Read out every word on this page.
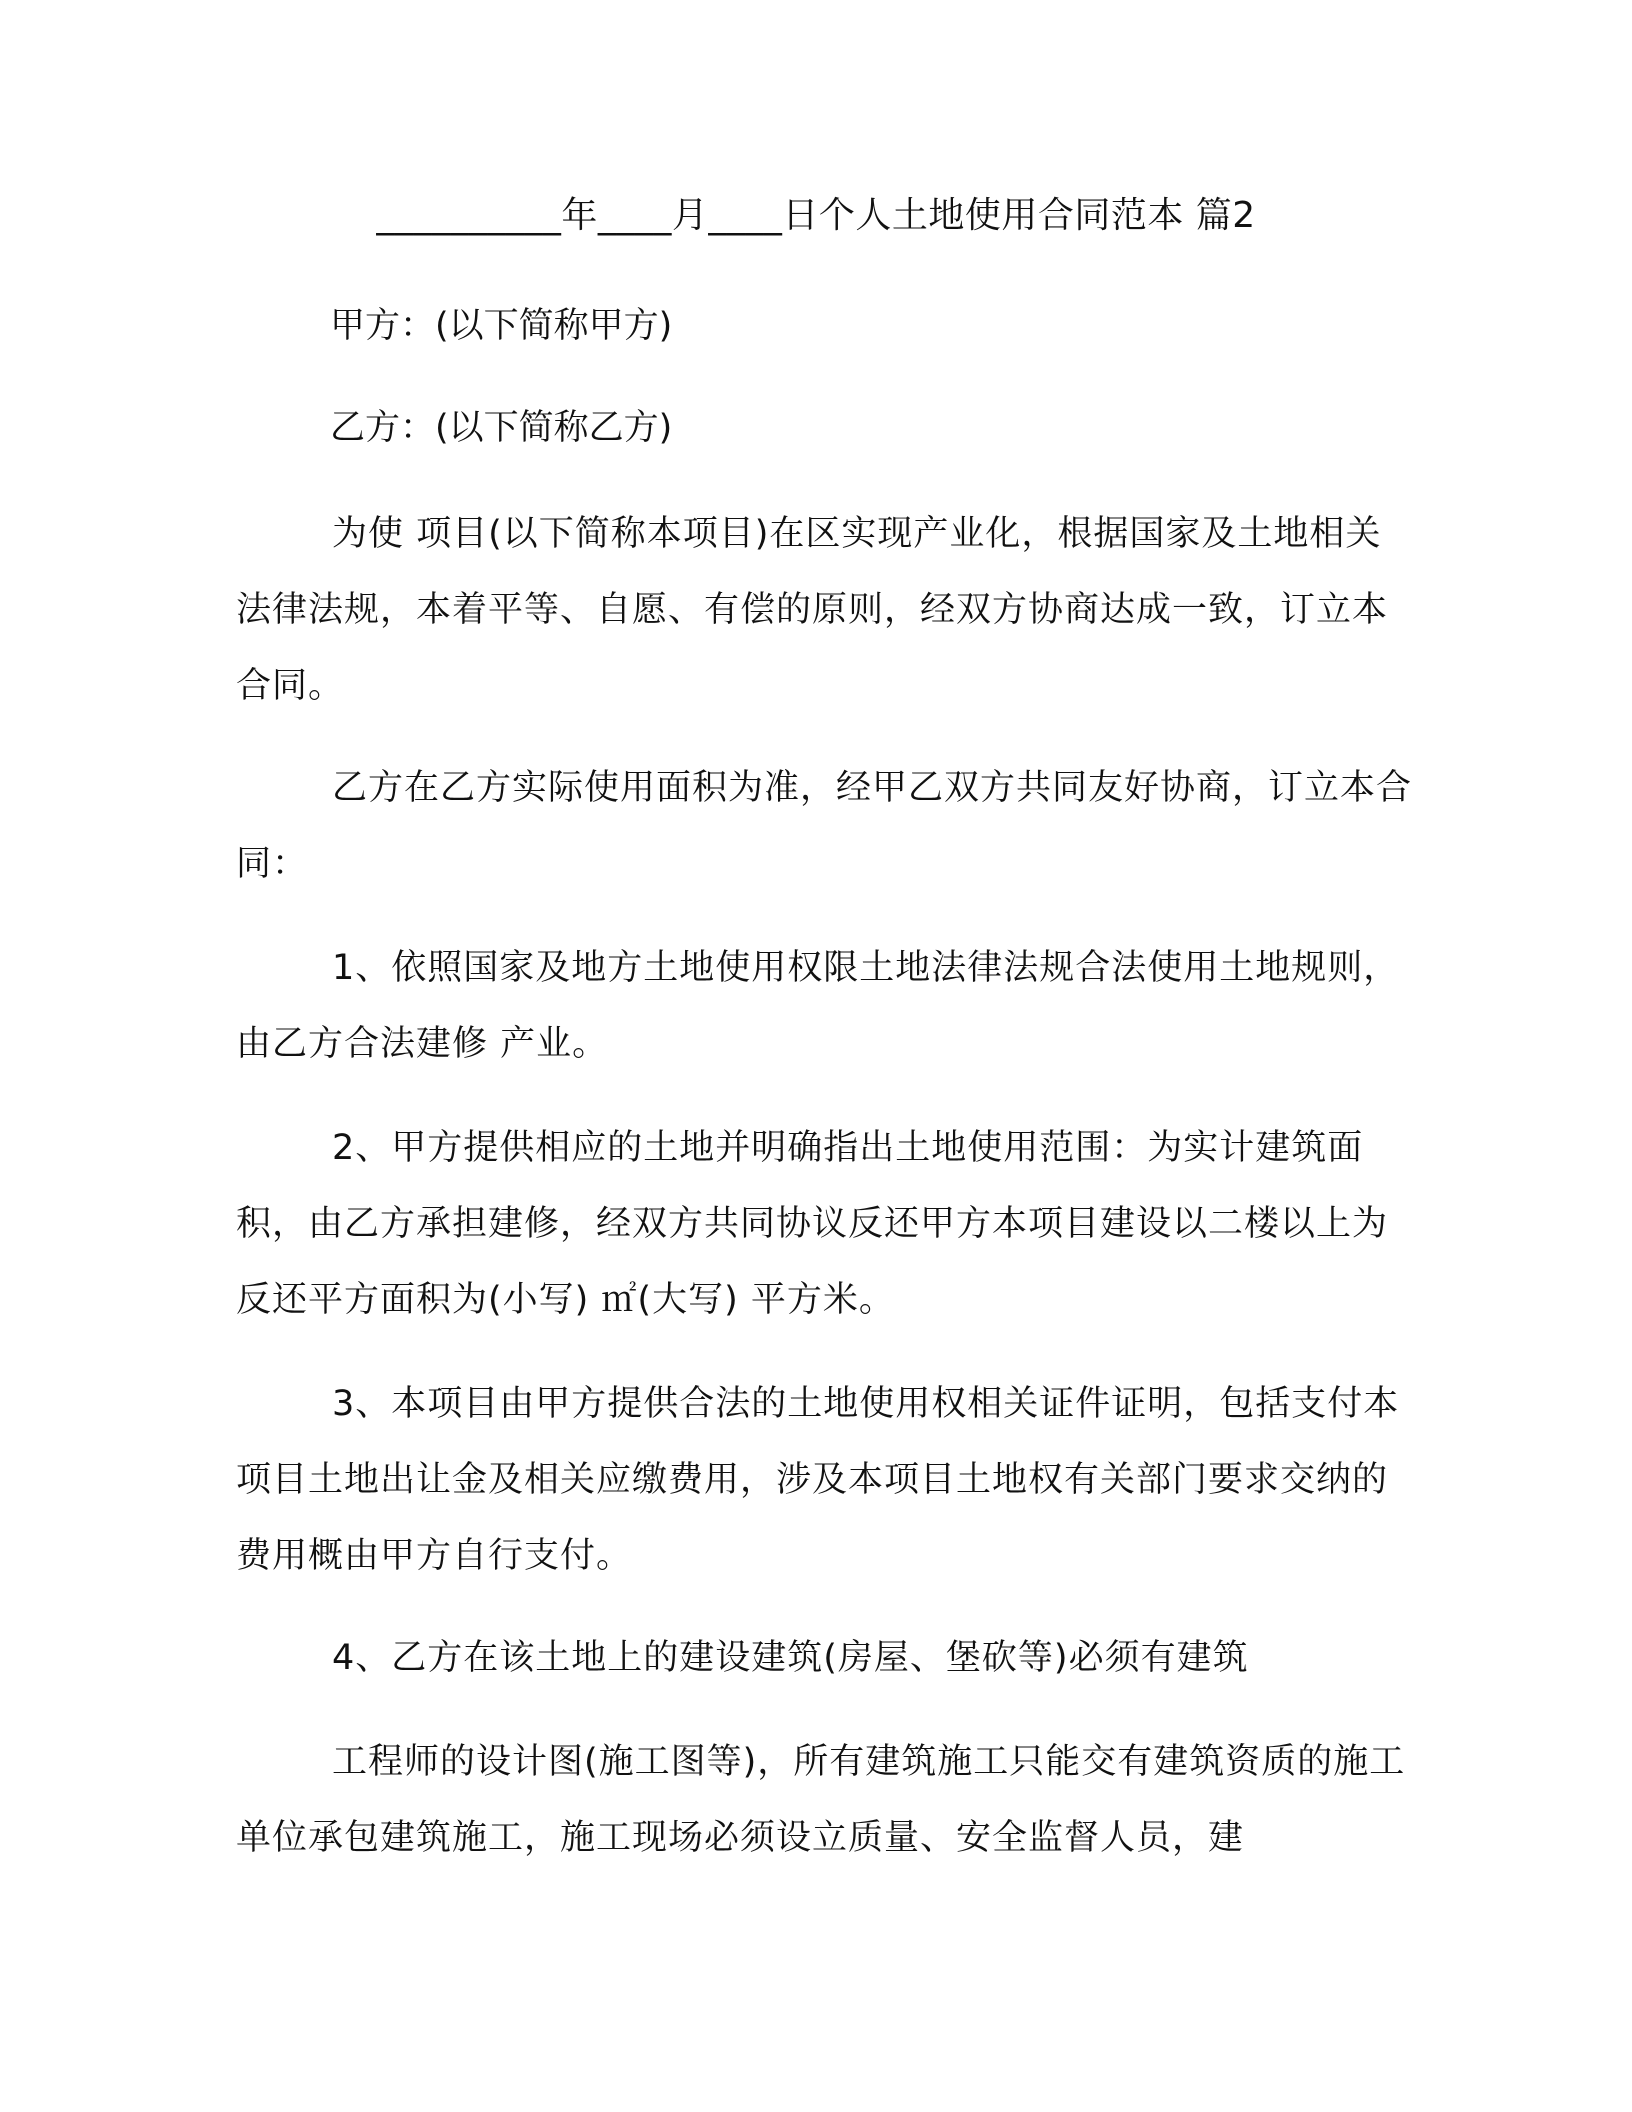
__________年____月____日个人土地使用合同范本 篇2
甲方：(以下简称甲方)
乙方：(以下简称乙方)

为使 项目(以下简称本项目)在区实现产业化，根据国家及土地相关法律法规，本着平等、自愿、有偿的原则，经双方协商达成一致，订立本合同。

乙方在乙方实际使用面积为准，经甲乙双方共同友好协商，订立本合同：

1、依照国家及地方土地使用权限土地法律法规合法使用土地规则，由乙方合法建修 产业。

2、甲方提供相应的土地并明确指出土地使用范围：为实计建筑面积，由乙方承担建修，经双方共同协议反还甲方本项目建设以二楼以上为反还平方面积为(小写) ㎡(大写) 平方米。

3、本项目由甲方提供合法的土地使用权相关证件证明，包括支付本项目土地出让金及相关应缴费用，涉及本项目土地权有关部门要求交纳的费用概由甲方自行支付。

4、乙方在该土地上的建设建筑(房屋、堡砍等)必须有建筑

工程师的设计图(施工图等)，所有建筑施工只能交有建筑资质的施工单位承包建筑施工，施工现场必须设立质量、安全监督人员，建
